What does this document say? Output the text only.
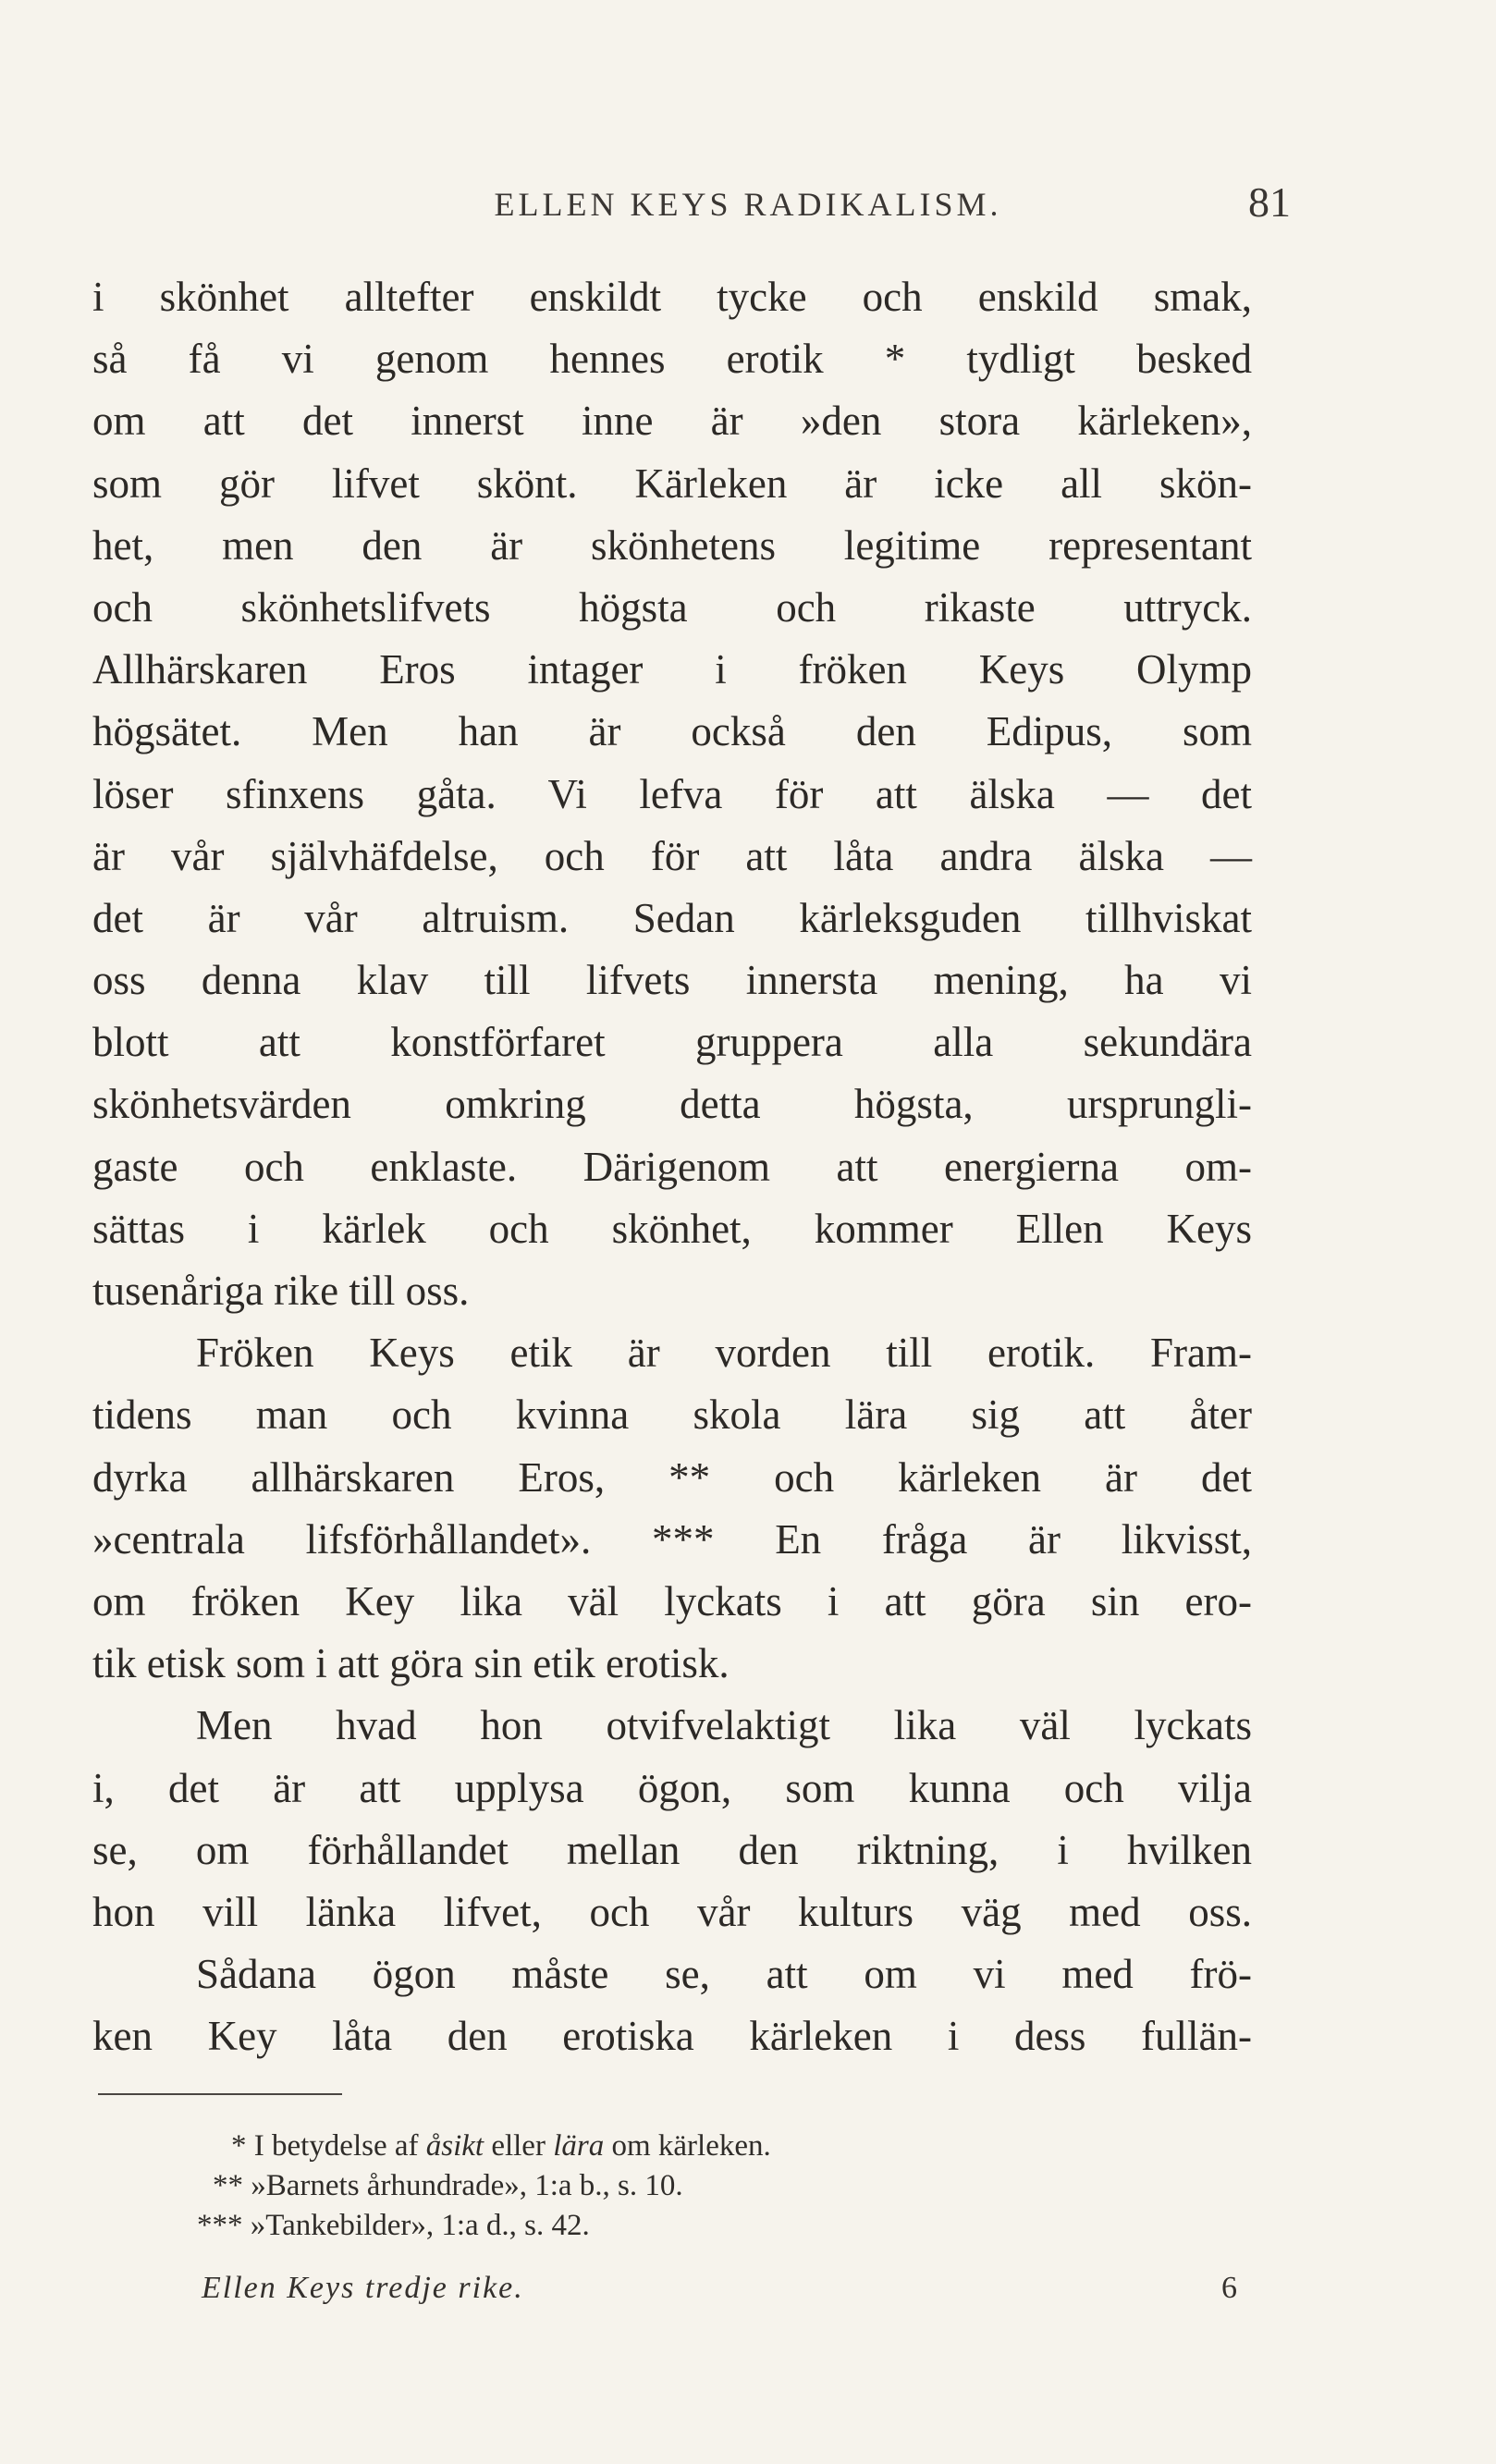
ELLEN KEYS RADIKALISM.	81
i skönhet alltefter enskildt tycke och enskild smak,
så få vi genom hennes erotik * tydligt besked
om att det innerst inne är »den stora kärleken»,
som gör lifvet skönt. Kärleken är icke all skön-
het, men den är skönhetens legitime representant
och skönhetslifvets högsta och rikaste uttryck.
Allhärskaren Eros intager i fröken Keys Olymp
högsätet. Men han är också den Edipus, som
löser sfinxens gåta. Vi lefva för att älska — det
är vår självhäfdelse, och för att låta andra älska —
det är vår altruism. Sedan kärleksguden tillhviskat
oss denna klav till lifvets innersta mening, ha vi
blott att konstförfaret gruppera alla sekundära
skönhetsvärden omkring detta högsta, ursprungli-
gaste och enklaste. Därigenom att energierna om-
sättas i kärlek och skönhet, kommer Ellen Keys
tusenåriga rike till oss.
Fröken Keys etik är vorden till erotik. Fram-
tidens man och kvinna skola lära sig att åter
dyrka allhärskaren Eros, ** och kärleken är det
»centrala lifsförhållandet». *** En fråga är likvisst,
om fröken Key lika väl lyckats i att göra sin ero-
tik etisk som i att göra sin etik erotisk.
Men hvad hon otvifvelaktigt lika väl lyckats
i, det är att upplysa ögon, som kunna och vilja
se, om förhållandet mellan den riktning, i hvilken
hon vill länka lifvet, och vår kulturs väg med oss.
Sådana ögon måste se, att om vi med frö-
ken Key låta den erotiska kärleken i dess fullän-
* I betydelse af åsikt eller lära om kärleken.
** »Barnets århundrade», 1:a b., s. 10.
*** »Tankebilder», 1:a d., s. 42.
Ellen Keys tredje rike.	6
